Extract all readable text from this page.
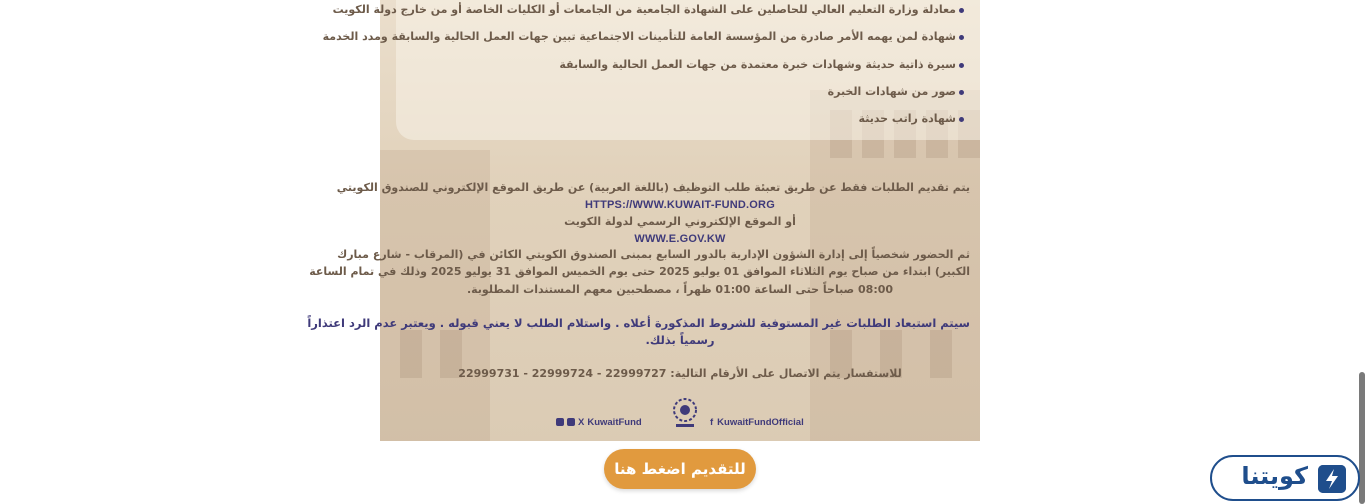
معادلة وزارة التعليم العالي للحاصلين على الشهادة الجامعية من الجامعات أو الكليات الخاصة أو من خارج دولة الكويت
شهادة لمن يهمه الأمر صادرة من المؤسسة العامة للتأمينات الاجتماعية تبين جهات العمل الحالية والسابقة ومدد الخدمة
سيرة ذاتية حديثة وشهادات خبرة معتمدة من جهات العمل الحالية والسابقة
صور من شهادات الخبرة
شهادة راتب حديثة
يتم تقديم الطلبات فقط عن طريق تعبئة طلب التوظيف (باللغة العربية) عن طريق الموقع الإلكتروني للصندوق الكويتي
HTTPS://WWW.KUWAIT-FUND.ORG
أو الموقع الإلكتروني الرسمي لدولة الكويت
WWW.E.GOV.KW
ثم الحضور شخصياً إلى إدارة الشؤون الإدارية بالدور السابع بمبنى الصندوق الكويتي الكائن في (المرقاب - شارع مبارك
الكبير) ابتداء من صباح يوم الثلاثاء الموافق 01 يوليو 2025 حتى يوم الخميس الموافق 31 يوليو 2025 وذلك في تمام الساعة
08:00 صباحاً حتى الساعة 01:00 ظهراً ، مصطحبين معهم المستندات المطلوبة.
سيتم استبعاد الطلبات غير المستوفية للشروط المذكورة أعلاه . واستلام الطلب لا يعني قبوله . ويعتبر عدم الرد اعتذاراً
رسمياً بذلك.
للاستفسار يتم الاتصال على الأرقام التالية: 22999727 - 22999724 - 22999731
X KuwaitFund	f KuwaitFundOfficial
للتقديم اضغط هنا	كويتنا
